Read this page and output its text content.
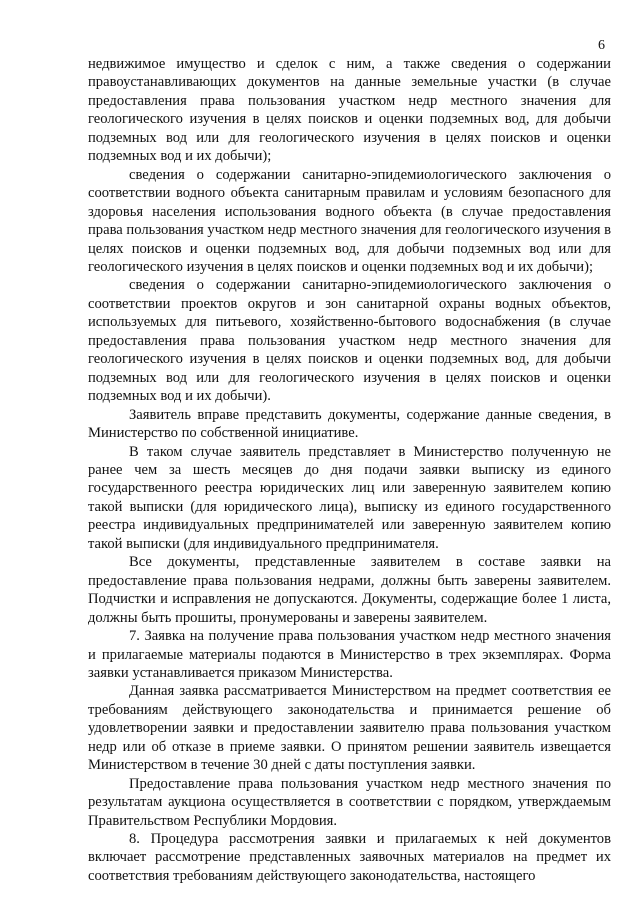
6

недвижимое имущество и сделок с ним, а также сведения о содержании правоустанавливающих документов на данные земельные участки (в случае предоставления права пользования участком недр местного значения для геологического изучения в целях поисков и оценки подземных вод, для добычи подземных вод или для геологического изучения в целях поисков и оценки подземных вод и их добычи);

сведения о содержании санитарно-эпидемиологического заключения о соответствии водного объекта санитарным правилам и условиям безопасного для здоровья населения использования водного объекта (в случае предоставления права пользования участком недр местного значения для геологического изучения в целях поисков и оценки подземных вод, для добычи подземных вод или для геологического изучения в целях поисков и оценки подземных вод и их добычи);

сведения о содержании санитарно-эпидемиологического заключения о соответствии проектов округов и зон санитарной охраны водных объектов, используемых для питьевого, хозяйственно-бытового водоснабжения (в случае предоставления права пользования участком недр местного значения для геологического изучения в целях поисков и оценки подземных вод, для добычи подземных вод или для геологического изучения в целях поисков и оценки подземных вод и их добычи).

Заявитель вправе представить документы, содержание данные сведения, в Министерство по собственной инициативе.

В таком случае заявитель представляет в Министерство полученную не ранее чем за шесть месяцев до дня подачи заявки выписку из единого государственного реестра юридических лиц или заверенную заявителем копию такой выписки (для юридического лица), выписку из единого государственного реестра индивидуальных предпринимателей или заверенную заявителем копию такой выписки (для индивидуального предпринимателя.

Все документы, представленные заявителем в составе заявки на предоставление права пользования недрами, должны быть заверены заявителем. Подчистки и исправления не допускаются. Документы, содержащие более 1 листа, должны быть прошиты, пронумерованы и заверены заявителем.

7. Заявка на получение права пользования участком недр местного значения и прилагаемые материалы подаются в Министерство в трех экземплярах. Форма заявки устанавливается приказом Министерства.

Данная заявка рассматривается Министерством на предмет соответствия ее требованиям действующего законодательства и принимается решение об удовлетворении заявки и предоставлении заявителю права пользования участком недр или об отказе в приеме заявки. О принятом решении заявитель извещается Министерством в течение 30 дней с даты поступления заявки.

Предоставление права пользования участком недр местного значения по результатам аукциона осуществляется в соответствии с порядком, утверждаемым Правительством Республики Мордовия.

8. Процедура рассмотрения заявки и прилагаемых к ней документов включает рассмотрение представленных заявочных материалов на предмет их соответствия требованиям действующего законодательства, настоящего
